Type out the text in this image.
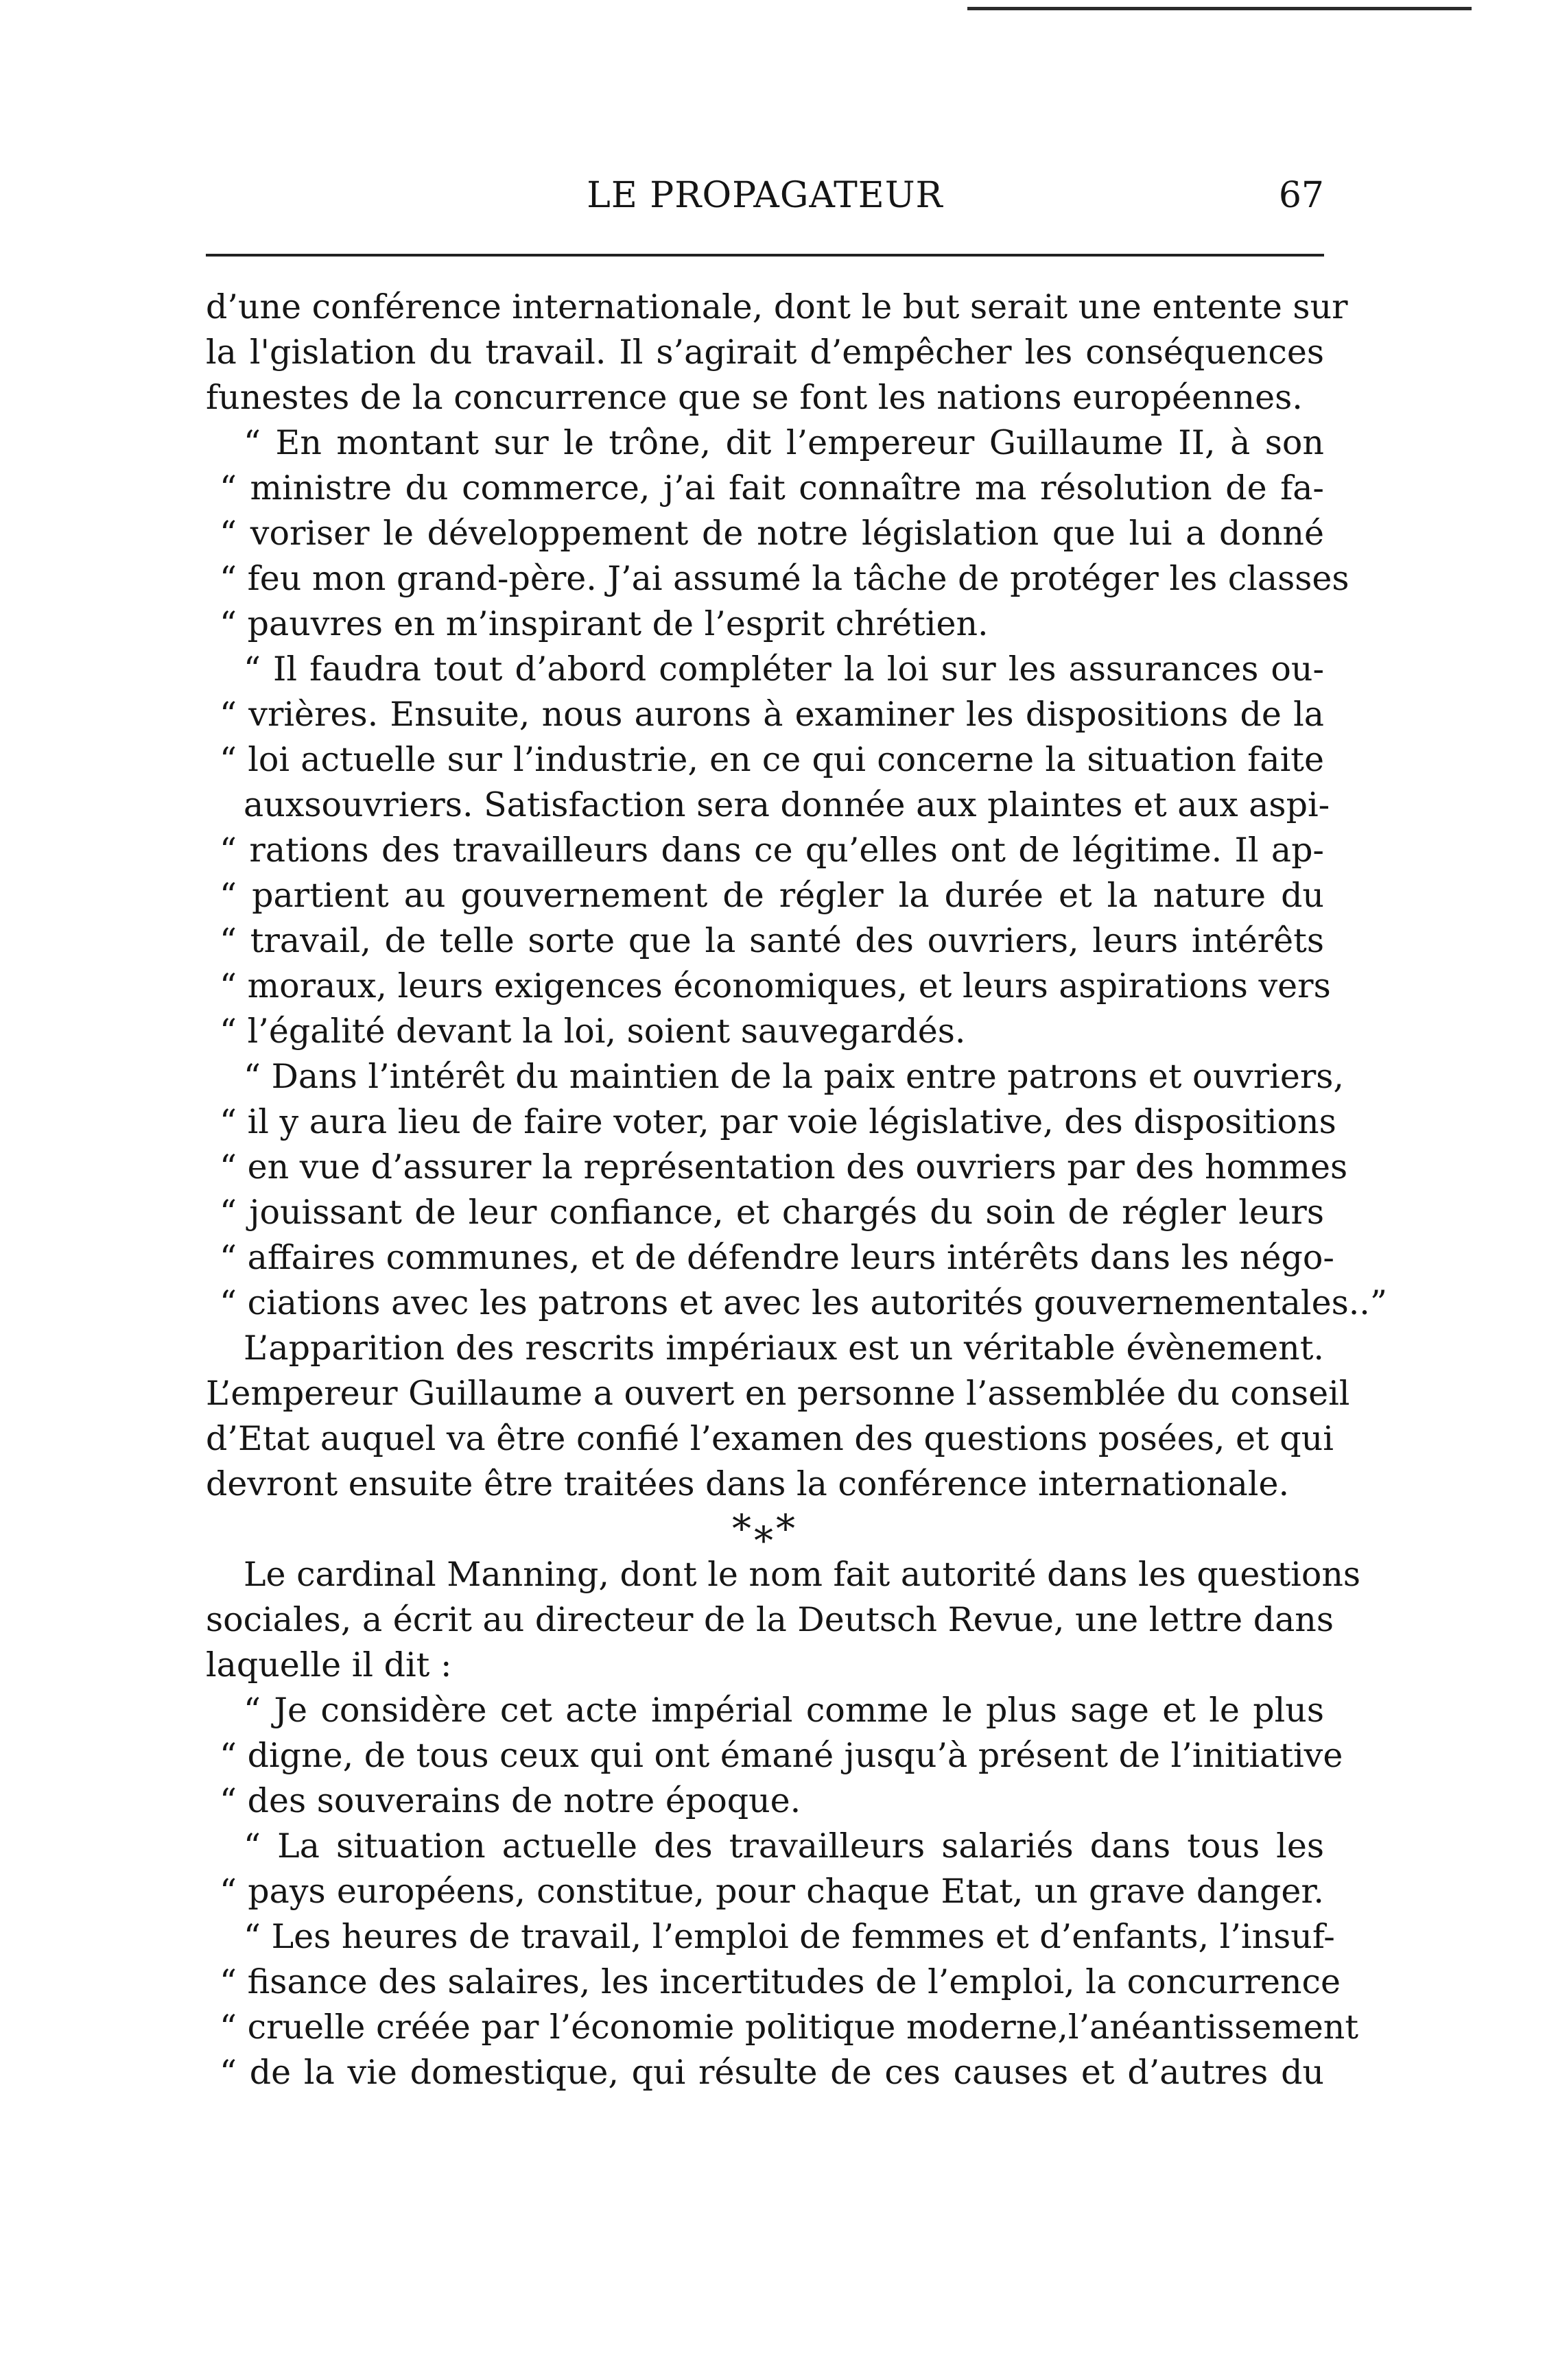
LE PROPAGATEUR	67
d’une conférence internationale, dont le but serait une entente sur
la l'gislation du travail. Il s’agirait d’empêcher les conséquences
funestes de la concurrence que se font les nations européennes.
“ En montant sur le trône, dit l’empereur Guillaume II, à son
“ ministre du commerce, j’ai fait connaître ma résolution de fa-
“ voriser le développement de notre législation que lui a donné
“ feu mon grand-père. J’ai assumé la tâche de protéger les classes
“ pauvres en m’inspirant de l’esprit chrétien.
“ Il faudra tout d’abord compléter la loi sur les assurances ou-
“ vrières. Ensuite, nous aurons à examiner les dispositions de la
“ loi actuelle sur l’industrie, en ce qui concerne la situation faite
auxsouvriers. Satisfaction sera donnée aux plaintes et aux aspi-
“ rations des travailleurs dans ce qu’elles ont de légitime. Il ap-
“ partient au gouvernement de régler la durée et la nature du
“ travail, de telle sorte que la santé des ouvriers, leurs intérêts
“ moraux, leurs exigences économiques, et leurs aspirations vers
“ l’égalité devant la loi, soient sauvegardés.
“ Dans l’intérêt du maintien de la paix entre patrons et ouvriers,
“ il y aura lieu de faire voter, par voie législative, des dispositions
“ en vue d’assurer la représentation des ouvriers par des hommes
“ jouissant de leur confiance, et chargés du soin de régler leurs
“ affaires communes, et de défendre leurs intérêts dans les négo-
“ ciations avec les patrons et avec les autorités gouvernementales..”
L’apparition des rescrits impériaux est un véritable évènement.
L’empereur Guillaume a ouvert en personne l’assemblée du conseil
d’Etat auquel va être confié l’examen des questions posées, et qui
devront ensuite être traitées dans la conférence internationale.
*⁎*
Le cardinal Manning, dont le nom fait autorité dans les questions
sociales, a écrit au directeur de la Deutsch Revue, une lettre dans
laquelle il dit :
“ Je considère cet acte impérial comme le plus sage et le plus
“ digne, de tous ceux qui ont émané jusqu’à présent de l’initiative
“ des souverains de notre époque.
“ La situation actuelle des travailleurs salariés dans tous les
“ pays européens, constitue, pour chaque Etat, un grave danger.
“ Les heures de travail, l’emploi de femmes et d’enfants, l’insuf-
“ fisance des salaires, les incertitudes de l’emploi, la concurrence
“ cruelle créée par l’économie politique moderne,l’anéantissement
“ de la vie domestique, qui résulte de ces causes et d’autres du
